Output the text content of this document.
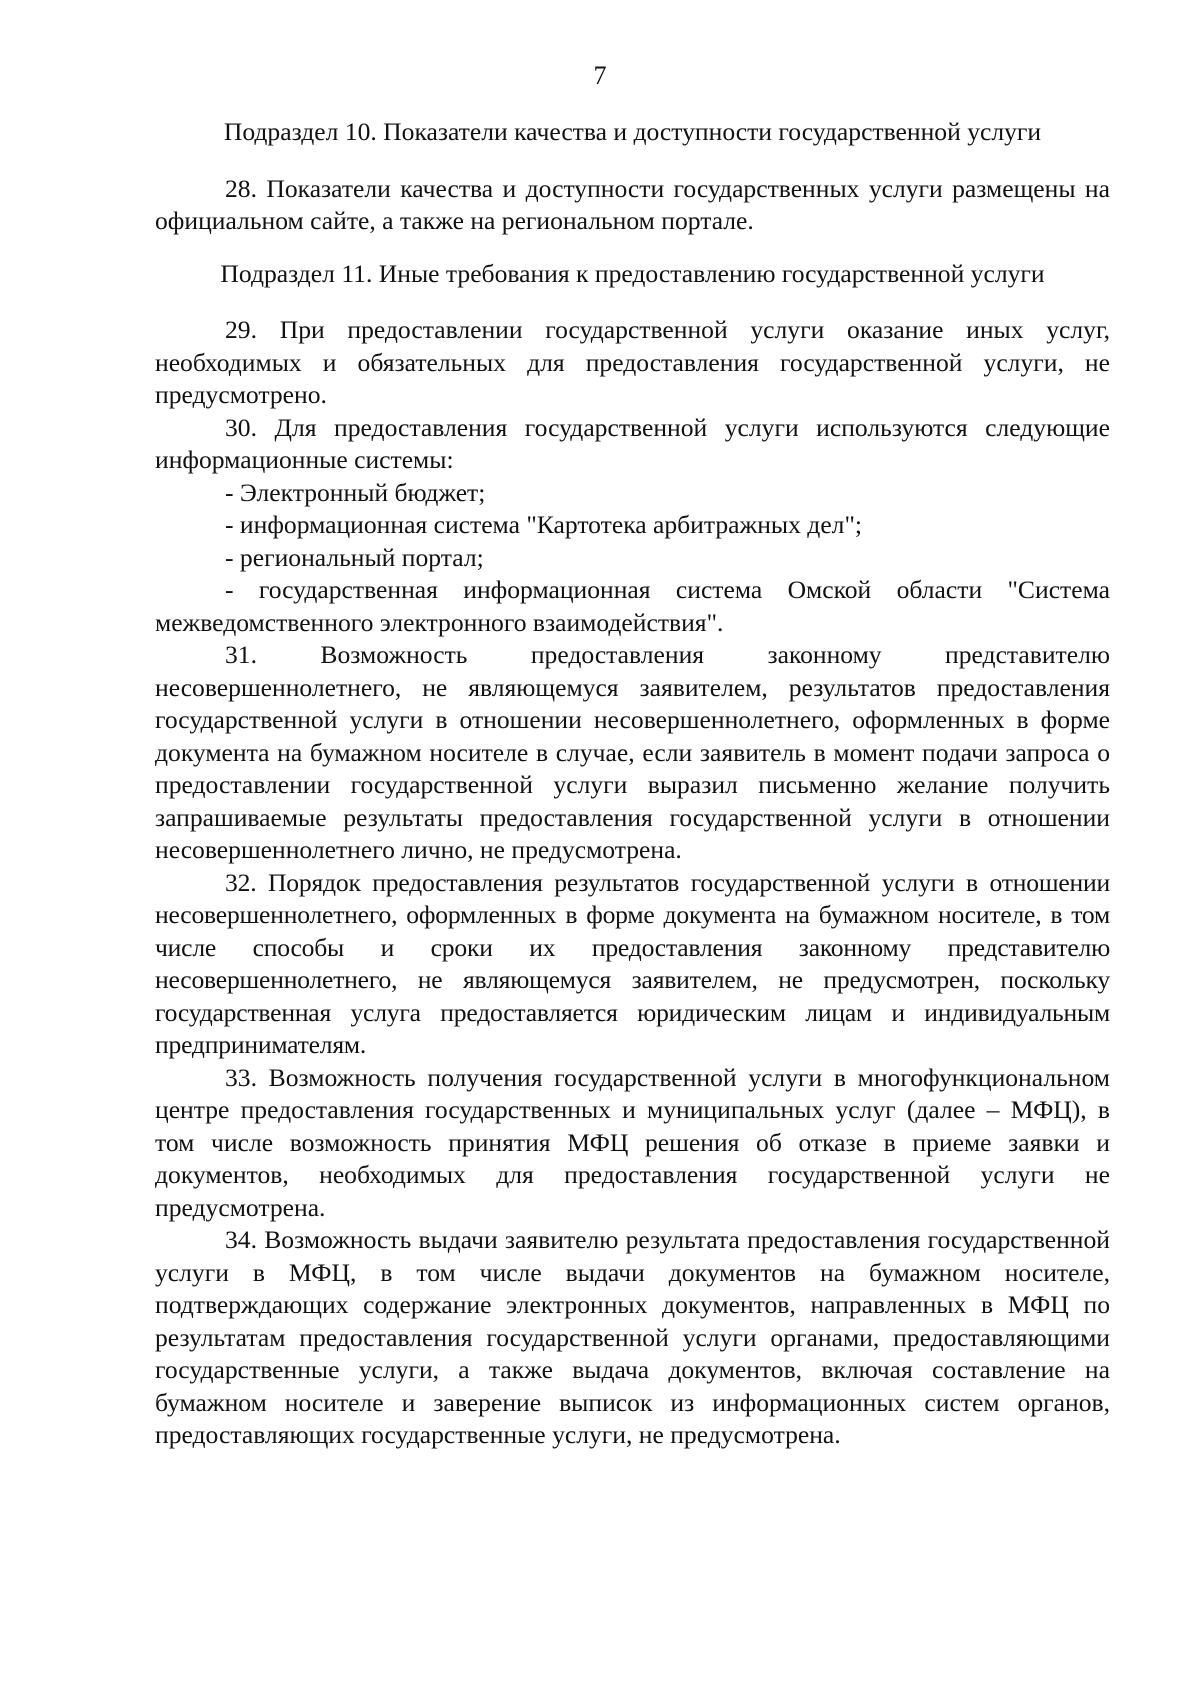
7

Подраздел 10. Показатели качества и доступности государственной услуги

28. Показатели качества и доступности государственных услуги размещены на официальном сайте, а также на региональном портале.

Подраздел 11. Иные требования к предоставлению государственной услуги

29. При предоставлении государственной услуги оказание иных услуг, необходимых и обязательных для предоставления государственной услуги, не предусмотрено.

30. Для предоставления государственной услуги используются следующие информационные системы:

- Электронный бюджет;

- информационная система "Картотека арбитражных дел";

- региональный портал;

- государственная информационная система Омской области "Система межведомственного электронного взаимодействия".

31. Возможность предоставления законному представителю несовершеннолетнего, не являющемуся заявителем, результатов предоставления государственной услуги в отношении несовершеннолетнего, оформленных в форме документа на бумажном носителе в случае, если заявитель в момент подачи запроса о предоставлении государственной услуги выразил письменно желание получить запрашиваемые результаты предоставления государственной услуги в отношении несовершеннолетнего лично, не предусмотрена.

32. Порядок предоставления результатов государственной услуги в отношении несовершеннолетнего, оформленных в форме документа на бумажном носителе, в том числе способы и сроки их предоставления законному представителю несовершеннолетнего, не являющемуся заявителем, не предусмотрен, поскольку государственная услуга предоставляется юридическим лицам и индивидуальным предпринимателям.

33. Возможность получения государственной услуги в многофункциональном центре предоставления государственных и муниципальных услуг (далее – МФЦ), в том числе возможность принятия МФЦ решения об отказе в приеме заявки и документов, необходимых для предоставления государственной услуги не предусмотрена.

34. Возможность выдачи заявителю результата предоставления государственной услуги в МФЦ, в том числе выдачи документов на бумажном носителе, подтверждающих содержание электронных документов, направленных в МФЦ по результатам предоставления государственной услуги органами, предоставляющими государственные услуги, а также выдача документов, включая составление на бумажном носителе и заверение выписок из информационных систем органов, предоставляющих государственные услуги, не предусмотрена.
